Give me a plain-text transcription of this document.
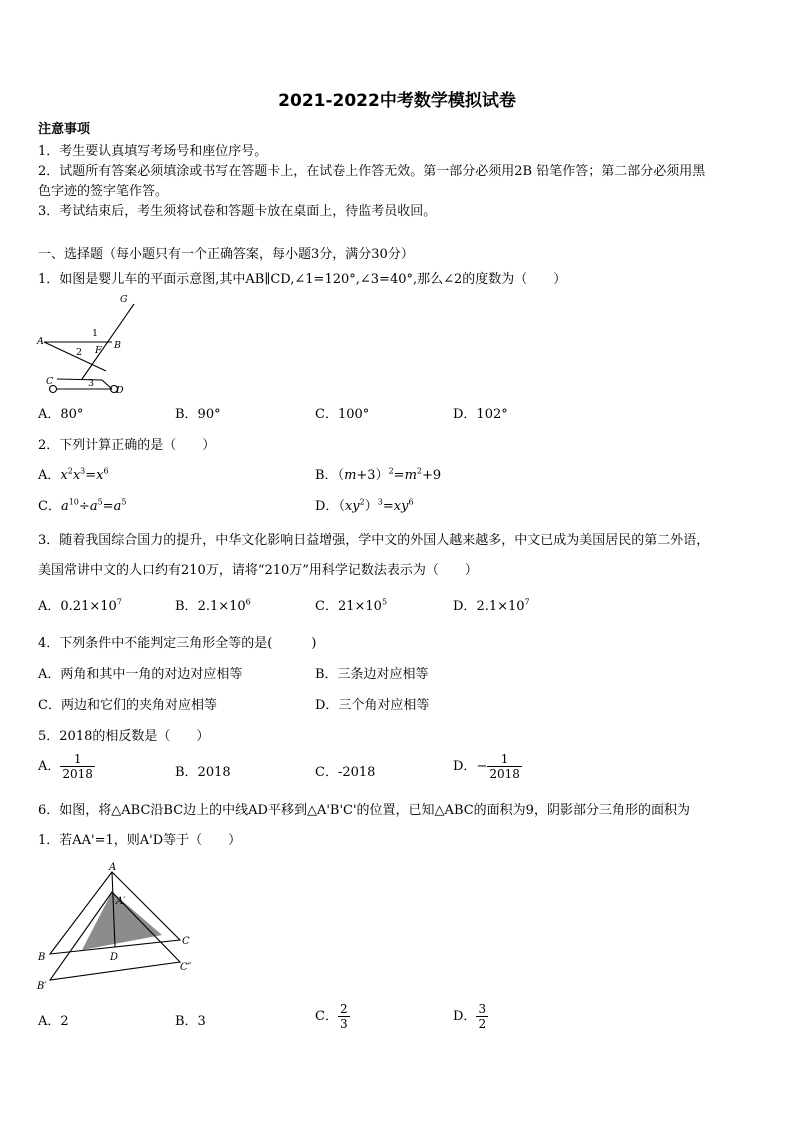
2021-2022中考数学模拟试卷
注意事项
1．考生要认真填写考场号和座位序号。
2．试题所有答案必须填涂或书写在答题卡上，在试卷上作答无效。第一部分必须用2B 铅笔作答；第二部分必须用黑
色字迹的签字笔作答。
3．考试结束后，考生须将试卷和答题卡放在桌面上，待监考员收回。
一、选择题（每小题只有一个正确答案，每小题3分，满分30分）
1．如图是婴儿车的平面示意图,其中AB∥CD,∠1=120°,∠3=40°,那么∠2的度数为（　　）
G
A	B
C
D
F
1
2
3
A．80°	B．90°	C．100°	D．102°
2．下列计算正确的是（　　）
A．$x^2x^3=x^6$	B．$(m+3)^2=m^2+9$
C．$a^{10}\div a^5=a^5$	D．$(xy^2)^3=xy^6$
3．随着我国综合国力的提升，中华文化影响日益增强，学中文的外国人越来越多，中文已成为美国居民的第二外语，
美国常讲中文的人口约有210万，请将“210万”用科学记数法表示为（　　）
A．$0.21\times 10^7$	B．$2.1\times 10^6$	C．$21\times 10^5$	D．$2.1\times 10^7$
4．下列条件中不能判定三角形全等的是(　　　)
A．两角和其中一角的对边对应相等	B．三条边对应相等
C．两边和它们的夹角对应相等	D．三个角对应相等
5．2018的相反数是（　　）
A． $\frac{1}{2018}$	B．2018	C．-2018	D．− $\frac{1}{2018}$
6．如图，将△ABC沿BC边上的中线AD平移到△A'B'C'的位置，已知△ABC的面积为9，阴影部分三角形的面积为
1．若AA'=1，则A'D等于（　　）
A
A′
B
B′
C
C″
D
A．2	B．3	C． $\frac{2}{3}$	D． $\frac{3}{2}$
